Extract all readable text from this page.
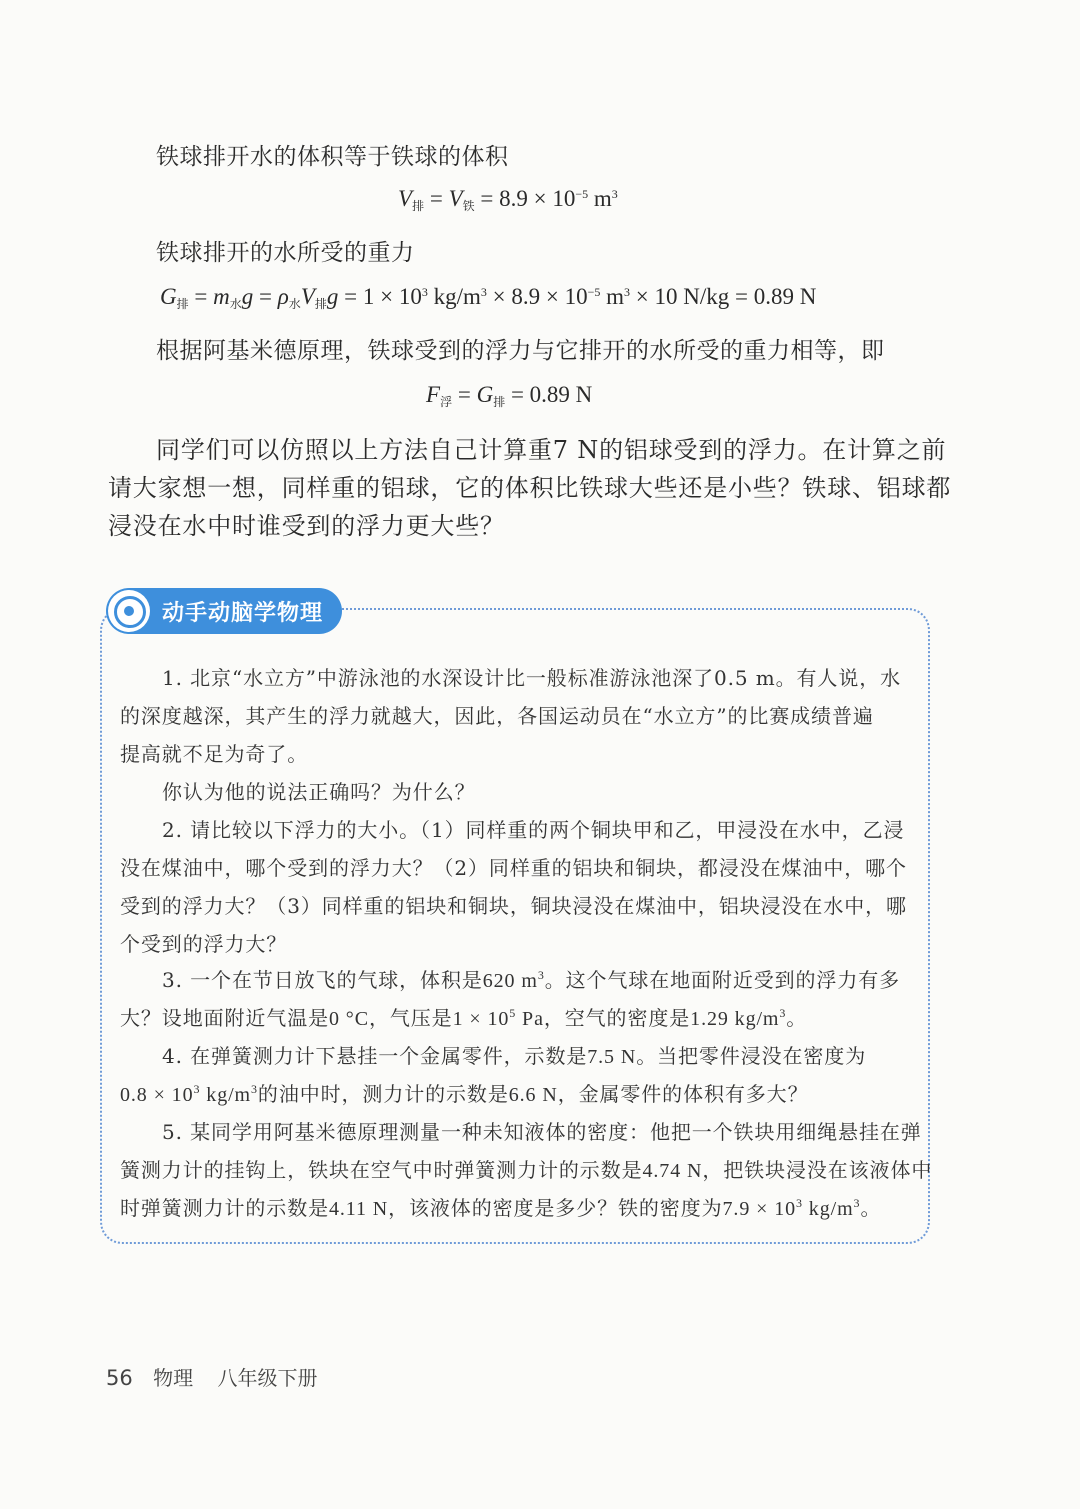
铁球排开水的体积等于铁球的体积
$V_排 = V_铁 = 8.9 \times 10^{-5}$ $m^3$
铁球排开的水所受的重力
$G_排 = m_水g = \rho_水V_排g = 1 \times 10^3$ $kg/m^3 \times 8.9 \times 10^{-5}$ $m^3 \times 10$ N/kg = 0.89 N
根据阿基米德原理，铁球受到的浮力与它排开的水所受的重力相等，即
$F_浮 = G_排 = 0.89$ N
同学们可以仿照以上方法自己计算重7 N的铝球受到的浮力。在计算之前
请大家想一想，同样重的铝球，它的体积比铁球大些还是小些？铁球、铝球都
浸没在水中时谁受到的浮力更大些？
动手动脑学物理
1. 北京“水立方”中游泳池的水深设计比一般标准游泳池深了0.5 m。有人说，水
的深度越深，其产生的浮力就越大，因此，各国运动员在“水立方”的比赛成绩普遍
提高就不足为奇了。
你认为他的说法正确吗？为什么？
2. 请比较以下浮力的大小。（1）同样重的两个铜块甲和乙，甲浸没在水中，乙浸
没在煤油中，哪个受到的浮力大？（2）同样重的铝块和铜块，都浸没在煤油中，哪个
受到的浮力大？（3）同样重的铝块和铜块，铜块浸没在煤油中，铝块浸没在水中，哪
个受到的浮力大？
3. 一个在节日放飞的气球，体积是620 $m^3$。这个气球在地面附近受到的浮力有多
大？设地面附近气温是0 °C，气压是$1 \times 10^5$ Pa，空气的密度是1.29 $kg/m^3$。
4. 在弹簧测力计下悬挂一个金属零件，示数是7.5 N。当把零件浸没在密度为
$0.8 \times 10^3$ $kg/m^3$的油中时，测力计的示数是6.6 N，金属零件的体积有多大？
5. 某同学用阿基米德原理测量一种未知液体的密度：他把一个铁块用细绳悬挂在弹
簧测力计的挂钩上，铁块在空气中时弹簧测力计的示数是4.74 N，把铁块浸没在该液体中
时弹簧测力计的示数是4.11 N，该液体的密度是多少？铁的密度为$7.9 \times 10^3$ $kg/m^3$。
56 物理 八年级下册
